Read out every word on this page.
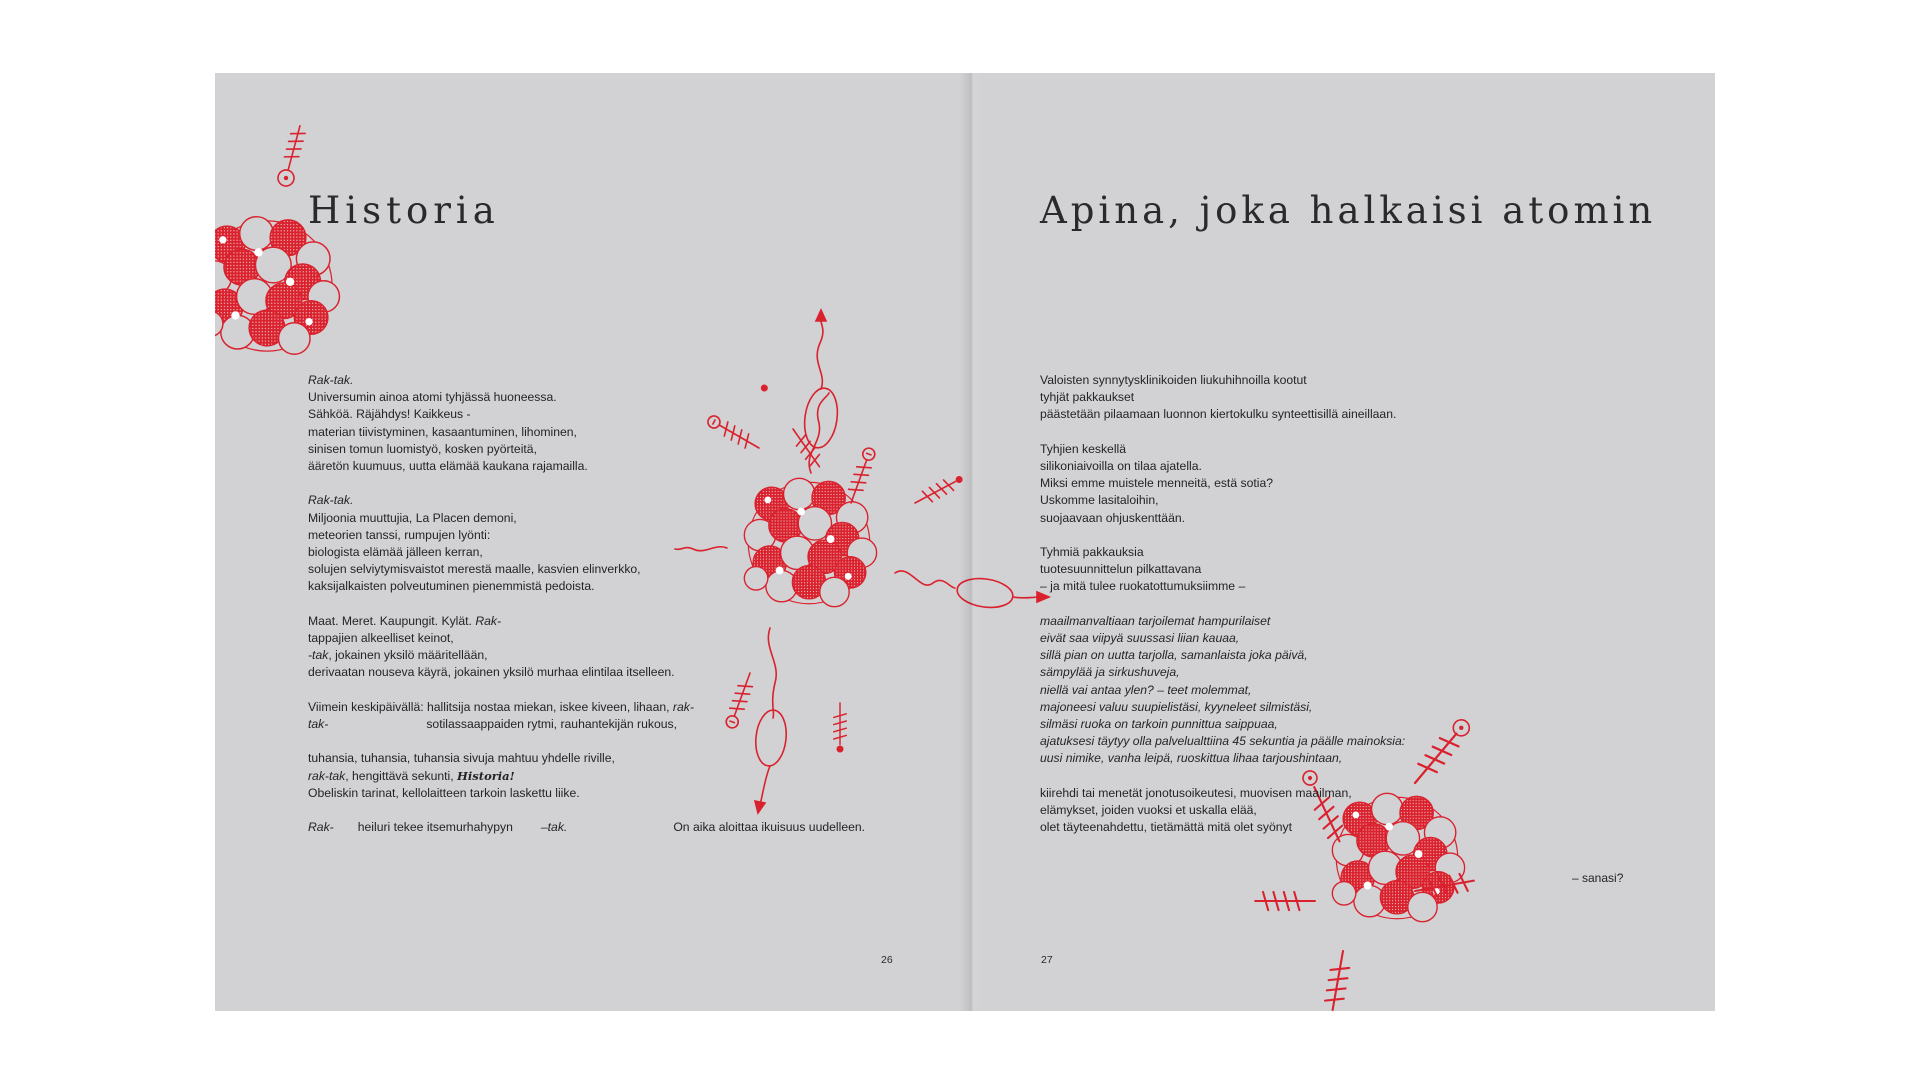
Historia

Rak-tak.
Universumin ainoa atomi tyhjässä huoneessa.
Sähköä. Räjähdys! Kaikkeus -
materian tiivistyminen, kasaantuminen, lihominen,
sinisen tomun luomistyö, kosken pyörteitä,
ääretön kuumuus, uutta elämää kaukana rajamailla.

Rak-tak.
Miljoonia muuttujia, La Placen demoni,
meteorien tanssi, rumpujen lyönti:
biologista elämää jälleen kerran,
solujen selviytymisvaistot merestä maalle, kasvien elinverkko,
kaksijalkaisten polveutuminen pienemmistä pedoista.

Maat. Meret. Kaupungit. Kylät. Rak-
tappajien alkeelliset keinot,
-tak, jokainen yksilö määritellään,
derivaatan nouseva käyrä, jokainen yksilö murhaa elintilaa itselleen.

Viimein keskipäivällä: hallitsija nostaa miekan, iskee kiveen, lihaan, rak-
tak-	sotilassaappaiden rytmi, rauhantekijän rukous,

tuhansia, tuhansia, tuhansia sivuja mahtuu yhdelle riville,
rak-tak, hengittävä sekunti, Historia!
Obeliskin tarinat, kellolaitteen tarkoin laskettu liike.

Rak- heiluri tekee itsemurhahypyn –tak.	On aika aloittaa ikuisuus uudelleen.

26
Apina, joka halkaisi atomin

Valoisten synnytysklinikoiden liukuhihnoilla kootut
tyhjät pakkaukset
päästetään pilaamaan luonnon kiertokulku synteettisillä aineillaan.

Tyhjien keskellä
silikoniaivoilla on tilaa ajatella.
Miksi emme muistele menneitä, estä sotia?
Uskomme lasitaloihin,
suojaavaan ohjuskenttään.

Tyhmiä pakkauksia
tuotesuunnittelun pilkattavana
– ja mitä tulee ruokatottumuksiimme –

maailmanvaltiaan tarjoilemat hampurilaiset
eivät saa viipyä suussasi liian kauaa,
sillä pian on uutta tarjolla, samanlaista joka päivä,
sämpylää ja sirkushuveja,
niellä vai antaa ylen? – teet molemmat,
majoneesi valuu suupielistäsi, kyyneleet silmistäsi,
silmäsi ruoka on tarkoin punnittua saippuaa,
ajatuksesi täytyy olla palvelualttiina 45 sekuntia ja päälle mainoksia:
uusi nimike, vanha leipä, ruoskittua lihaa tarjoushintaan,

kiirehdi tai menetät jonotusoikeutesi, muovisen maailman,
elämykset, joiden vuoksi et uskalla elää,
olet täyteenahdettu, tietämättä mitä olet syönyt

– sanasi?
27
